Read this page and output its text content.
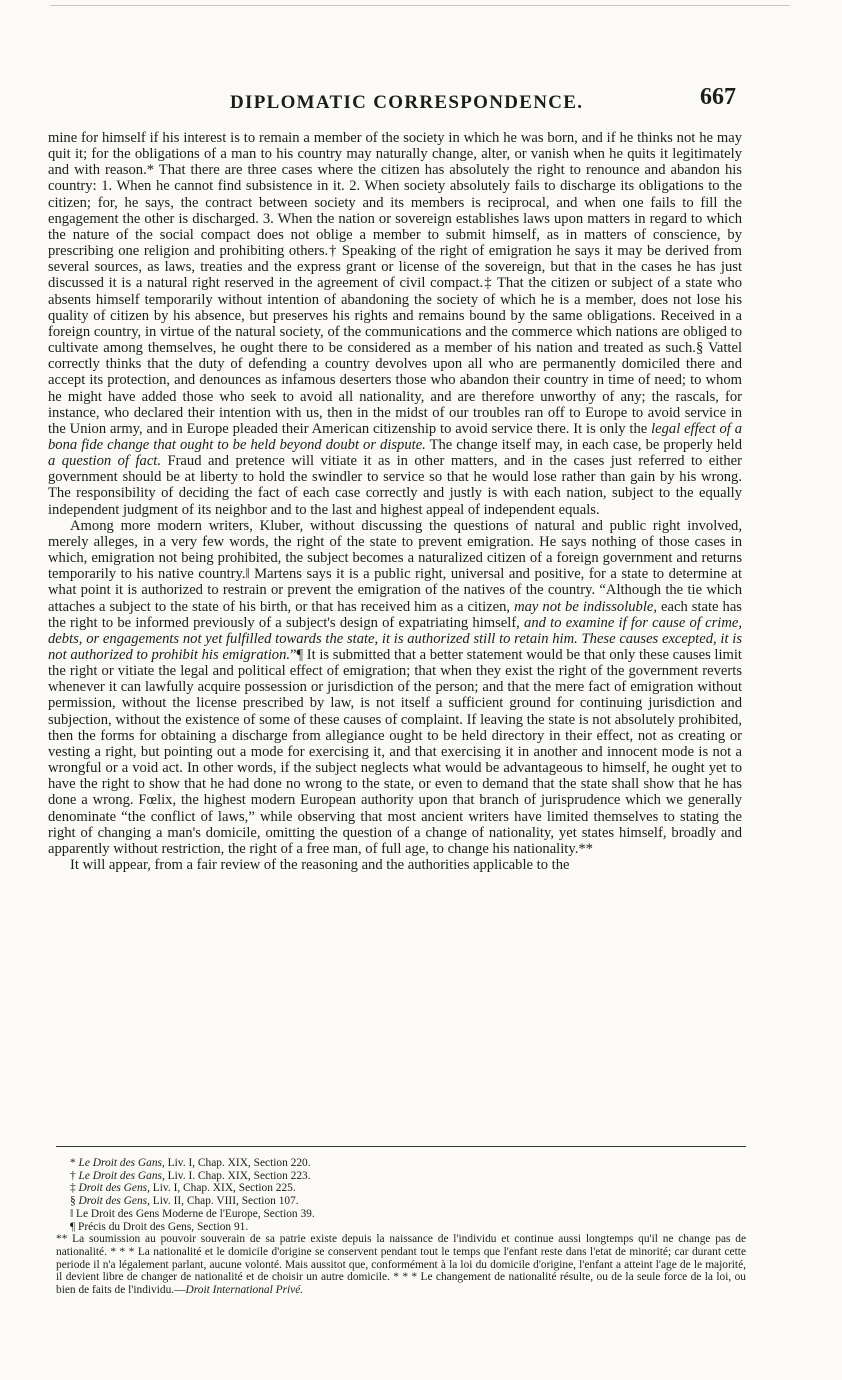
DIPLOMATIC CORRESPONDENCE.	667

mine for himself if his interest is to remain a member of the society in which he was born, and if he thinks not he may quit it; for the obligations of a man to his country may naturally change, alter, or vanish when he quits it legitimately and with reason.* That there are three cases where the citizen has absolutely the right to renounce and abandon his country: 1. When he cannot find subsistence in it. 2. When society absolutely fails to discharge its obligations to the citizen; for, he says, the contract between society and its members is reciprocal, and when one fails to fill the engagement the other is discharged. 3. When the nation or sovereign establishes laws upon matters in regard to which the nature of the social compact does not oblige a member to submit himself, as in matters of conscience, by prescribing one religion and prohibiting others.† Speaking of the right of emigration he says it may be derived from several sources, as laws, treaties and the express grant or license of the sovereign, but that in the cases he has just discussed it is a natural right reserved in the agreement of civil compact.‡ That the citizen or subject of a state who absents himself temporarily without intention of abandoning the society of which he is a member, does not lose his quality of citizen by his absence, but preserves his rights and remains bound by the same obligations. Received in a foreign country, in virtue of the natural society, of the communications and the commerce which nations are obliged to cultivate among themselves, he ought there to be considered as a member of his nation and treated as such.§ Vattel correctly thinks that the duty of defending a country devolves upon all who are permanently domiciled there and accept its protection, and denounces as infamous deserters those who abandon their country in time of need; to whom he might have added those who seek to avoid all nationality, and are therefore unworthy of any; the rascals, for instance, who declared their intention with us, then in the midst of our troubles ran off to Europe to avoid service in the Union army, and in Europe pleaded their American citizenship to avoid service there. It is only the legal effect of a bona fide change that ought to be held beyond doubt or dispute. The change itself may, in each case, be properly held a question of fact. Fraud and pretence will vitiate it as in other matters, and in the cases just referred to either government should be at liberty to hold the swindler to service so that he would lose rather than gain by his wrong. The responsibility of deciding the fact of each case correctly and justly is with each nation, subject to the equally independent judgment of its neighbor and to the last and highest appeal of independent equals.

Among more modern writers, Kluber, without discussing the questions of natural and public right involved, merely alleges, in a very few words, the right of the state to prevent emigration. He says nothing of those cases in which, emigration not being prohibited, the subject becomes a naturalized citizen of a foreign government and returns temporarily to his native country.‖ Martens says it is a public right, universal and positive, for a state to determine at what point it is authorized to restrain or prevent the emigration of the natives of the country. “Although the tie which attaches a subject to the state of his birth, or that has received him as a citizen, may not be indissoluble, each state has the right to be informed previously of a subject's design of expatriating himself, and to examine if for cause of crime, debts, or engagements not yet fulfilled towards the state, it is authorized still to retain him. These causes excepted, it is not authorized to prohibit his emigration.”¶ It is submitted that a better statement would be that only these causes limit the right or vitiate the legal and political effect of emigration; that when they exist the right of the government reverts whenever it can lawfully acquire possession or jurisdiction of the person; and that the mere fact of emigration without permission, without the license prescribed by law, is not itself a sufficient ground for continuing jurisdiction and subjection, without the existence of some of these causes of complaint. If leaving the state is not absolutely prohibited, then the forms for obtaining a discharge from allegiance ought to be held directory in their effect, not as creating or vesting a right, but pointing out a mode for exercising it, and that exercising it in another and innocent mode is not a wrongful or a void act. In other words, if the subject neglects what would be advantageous to himself, he ought yet to have the right to show that he had done no wrong to the state, or even to demand that the state shall show that he has done a wrong. Fœlix, the highest modern European authority upon that branch of jurisprudence which we generally denominate “the conflict of laws,” while observing that most ancient writers have limited themselves to stating the right of changing a man's domicile, omitting the question of a change of nationality, yet states himself, broadly and apparently without restriction, the right of a free man, of full age, to change his nationality.**

It will appear, from a fair review of the reasoning and the authorities applicable to the

* Le Droit des Gans, Liv. I, Chap. XIX, Section 220.

† Le Droit des Gans, Liv. I. Chap. XIX, Section 223.

‡ Droit des Gens, Liv. I, Chap. XIX, Section 225.

§ Droit des Gens, Liv. II, Chap. VIII, Section 107.

‖ Le Droit des Gens Moderne de l'Europe, Section 39.

¶ Précis du Droit des Gens, Section 91.

** La soumission au pouvoir souverain de sa patrie existe depuis la naissance de l'individu et continue aussi longtemps qu'il ne change pas de nationalité. * * * La nationalité et le domicile d'origine se conservent pendant tout le temps que l'enfant reste dans l'etat de minorité; car durant cette periode il n'a légalement parlant, aucune volonté. Mais aussitot que, conformément à la loi du domicile d'origine, l'enfant a atteint l'age de le majorité, il devient libre de changer de nationalité et de choisir un autre domicile. * * * Le changement de nationalité résulte, ou de la seule force de la loi, ou bien de faits de l'individu.—Droit International Privé.
